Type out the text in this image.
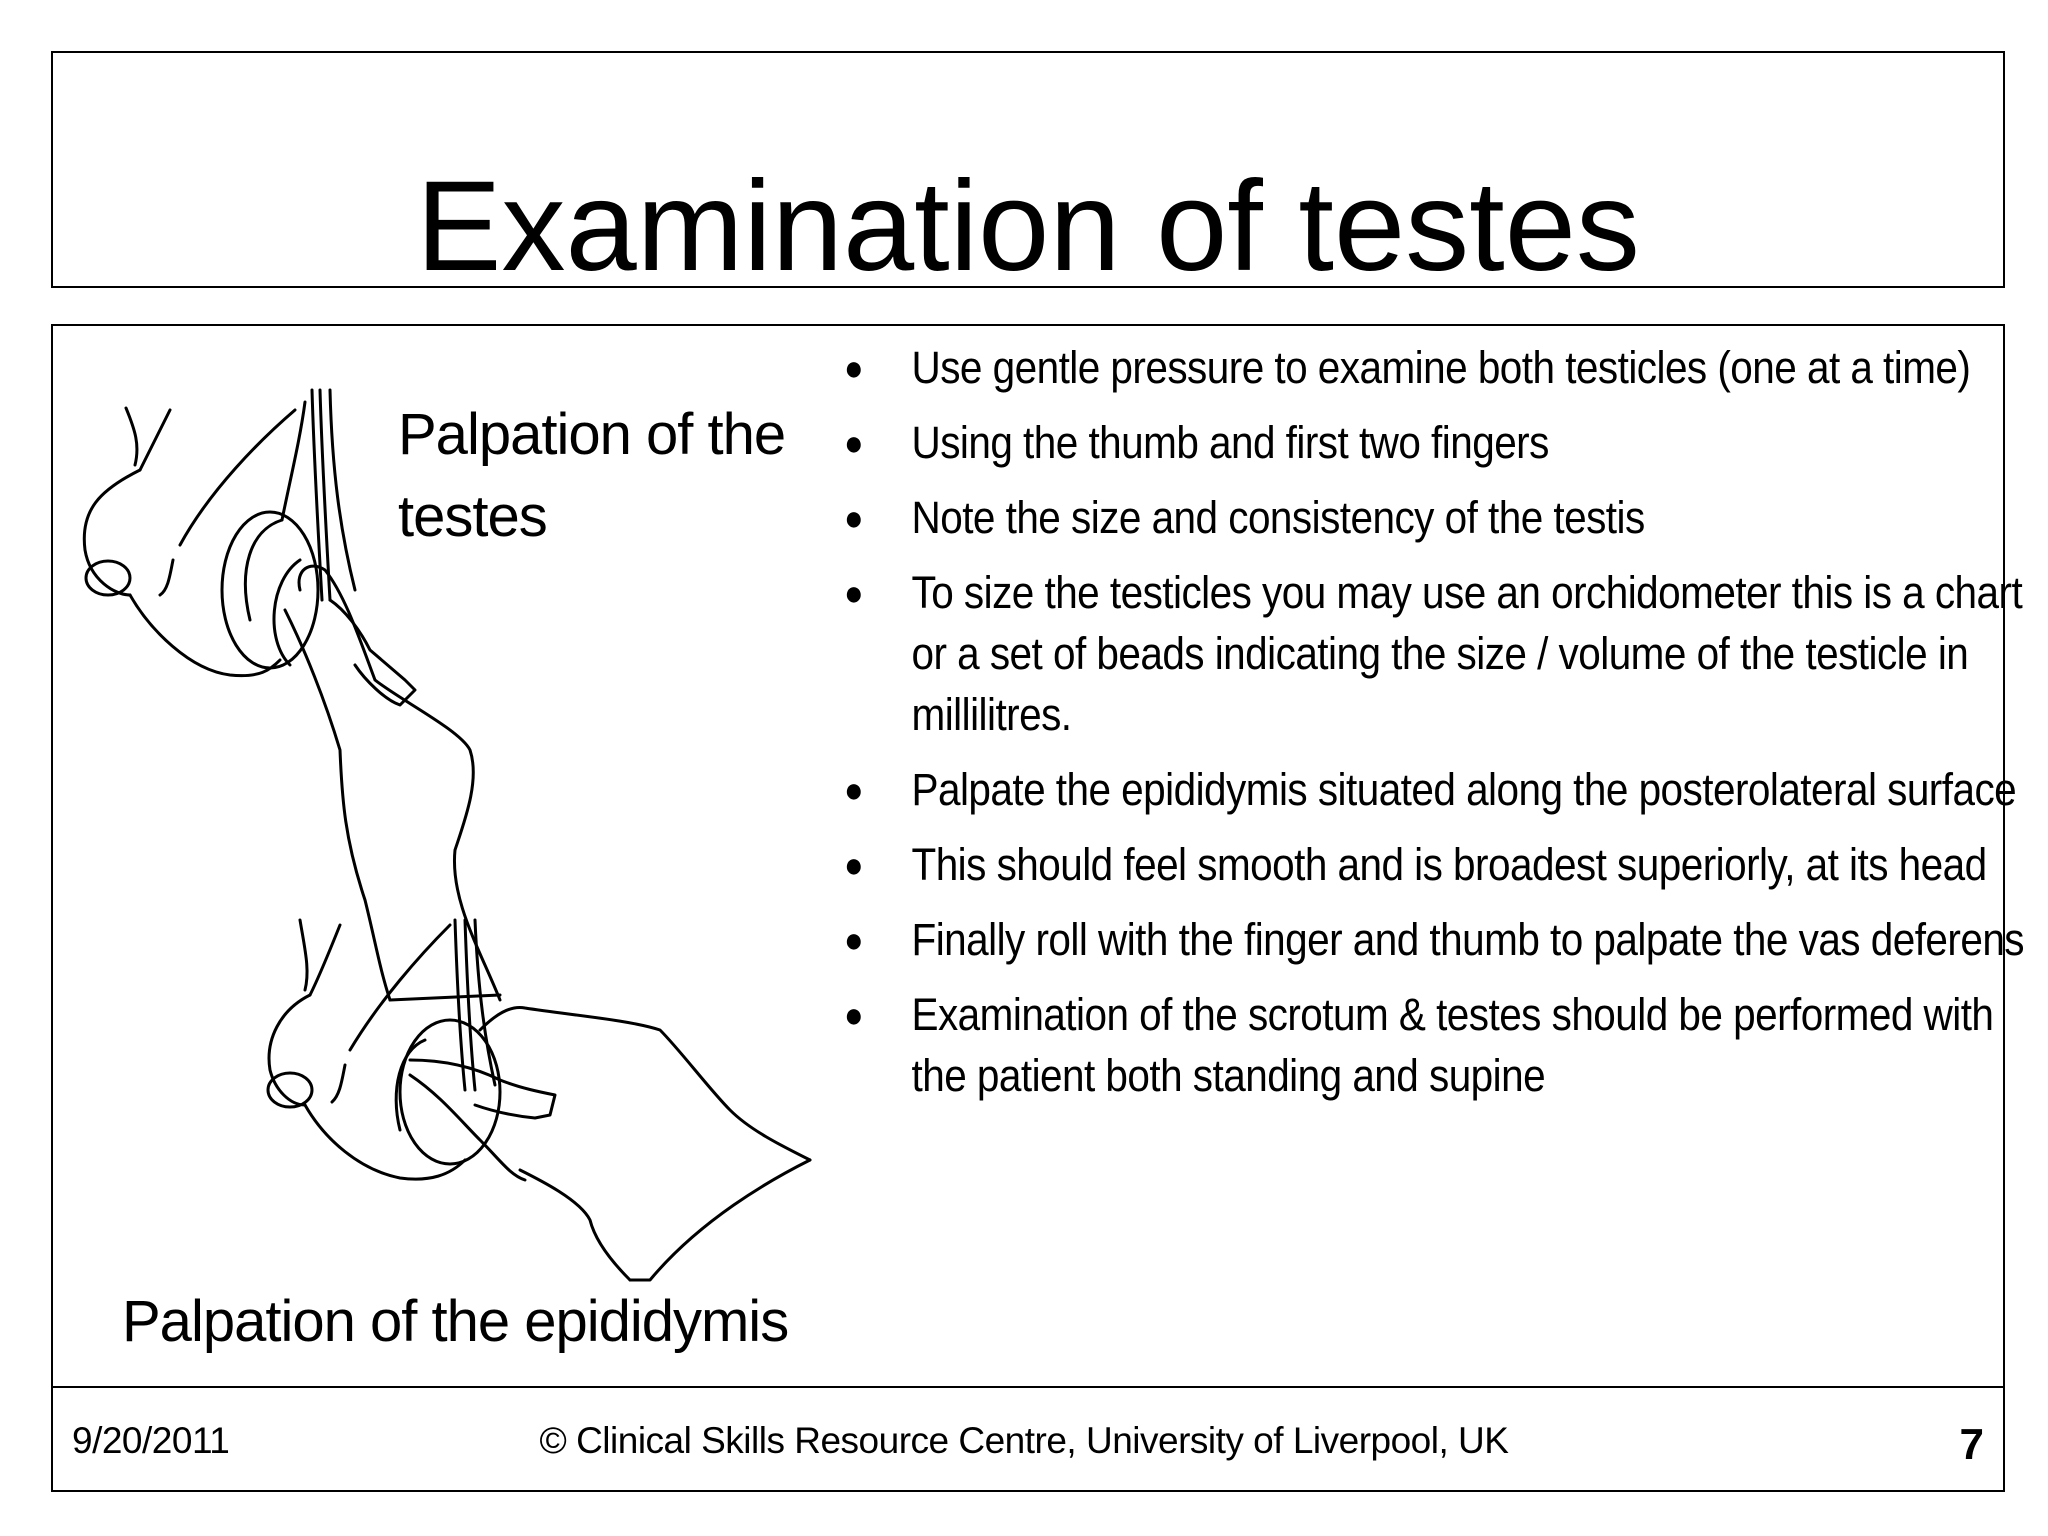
Examination of testes
Palpation of the testes
Palpation of the epididymis
● Use gentle pressure to examine both testicles (one at a time)
● Using the thumb and first two fingers
● Note the size and consistency of the testis
● To size the testicles you may use an orchidometer this is a chart or a set of beads indicating the size / volume of the testicle in millilitres.
● Palpate the epididymis situated along the posterolateral surface
● This should feel smooth and is broadest superiorly, at its head
● Finally roll with the finger and thumb to palpate the vas deferens
● Examination of the scrotum & testes should be performed with the patient both standing and supine
9/20/2011	© Clinical Skills Resource Centre, University of Liverpool, UK	7
